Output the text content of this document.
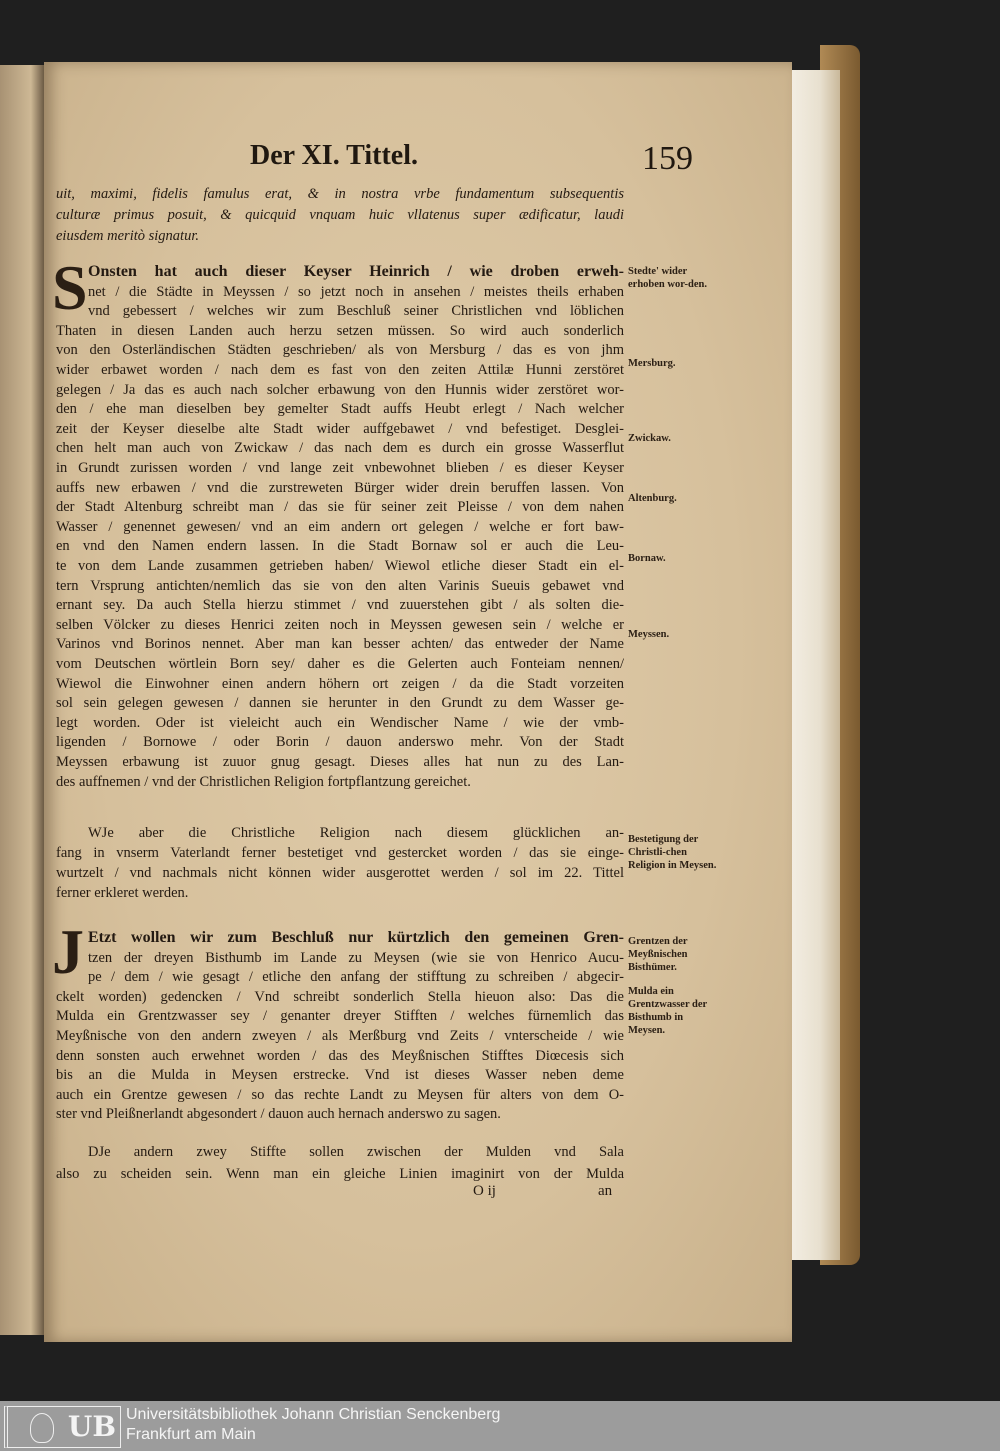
Der XI. Tittel.	159
uit, maximi, fidelis famulus erat, & in nostra vrbe fundamentum subsequentis
culturæ primus posuit, & quicquid vnquam huic vllatenus super ædificatur, laudi
eiusdem meritò signatur.
S Onsten hat auch dieser Keyser Heinrich / wie droben erweh-
net / die Städte in Meyssen / so jetzt noch in ansehen / meistes theils erhaben
vnd gebessert / welches wir zum Beschluß seiner Christlichen vnd löblichen
Thaten in diesen Landen auch herzu setzen müssen. So wird auch sonderlich
von den Osterländischen Städten geschrieben/ als von Mersburg / das es von jhm
wider erbawet worden / nach dem es fast von den zeiten Attilæ Hunni zerstöret
gelegen / Ja das es auch nach solcher erbawung von den Hunnis wider zerstöret wor-
den / ehe man dieselben bey gemelter Stadt auffs Heubt erlegt / Nach welcher
zeit der Keyser dieselbe alte Stadt wider auffgebawet / vnd befestiget. Desglei-
chen helt man auch von Zwickaw / das nach dem es durch ein grosse Wasserflut
in Grundt zurissen worden / vnd lange zeit vnbewohnet blieben / es dieser Keyser
auffs new erbawen / vnd die zurstreweten Bürger wider drein beruffen lassen. Von
der Stadt Altenburg schreibt man / das sie für seiner zeit Pleisse / von dem nahen
Wasser / genennet gewesen/ vnd an eim andern ort gelegen / welche er fort baw-
en vnd den Namen endern lassen. In die Stadt Bornaw sol er auch die Leu-
te von dem Lande zusammen getrieben haben/ Wiewol etliche dieser Stadt ein el-
tern Vrsprung antichten/nemlich das sie von den alten Varinis Sueuis gebawet vnd
ernant sey. Da auch Stella hierzu stimmet / vnd zuuerstehen gibt / als solten die-
selben Völcker zu dieses Henrici zeiten noch in Meyssen gewesen sein / welche er
Varinos vnd Borinos nennet. Aber man kan besser achten/ das entweder der Name
vom Deutschen wörtlein Born sey/ daher es die Gelerten auch Fonteiam nennen/
Wiewol die Einwohner einen andern höhern ort zeigen / da die Stadt vorzeiten
sol sein gelegen gewesen / dannen sie herunter in den Grundt zu dem Wasser ge-
legt worden. Oder ist vieleicht auch ein Wendischer Name / wie der vmb-
ligenden / Bornowe / oder Borin / dauon anderswo mehr. Von der Stadt
Meyssen erbawung ist zuuor gnug gesagt. Dieses alles hat nun zu des Lan-
des auffnemen / vnd der Christlichen Religion fortpflantzung gereichet.
WJe aber die Christliche Religion nach diesem glücklichen an-
fang in vnserm Vaterlandt ferner bestetiget vnd gestercket worden / das sie einge-
wurtzelt / vnd nachmals nicht können wider ausgerottet werden / sol im 22. Tittel
ferner erkleret werden.
J Etzt wollen wir zum Beschluß nur kürtzlich den gemeinen Gren-
tzen der dreyen Bisthumb im Lande zu Meysen (wie sie von Henrico Aucu-
pe / dem / wie gesagt / etliche den anfang der stifftung zu schreiben / abgecir-
ckelt worden) gedencken / Vnd schreibt sonderlich Stella hieuon also: Das die
Mulda ein Grentzwasser sey / genanter dreyer Stifften / welches fürnemlich das
Meyßnische von den andern zweyen / als Merßburg vnd Zeits / vnterscheide / wie
denn sonsten auch erwehnet worden / das des Meyßnischen Stifftes Diœcesis sich
bis an die Mulda in Meysen erstrecke. Vnd ist dieses Wasser neben deme
auch ein Grentze gewesen / so das rechte Landt zu Meysen für alters von dem O-
ster vnd Pleißnerlandt abgesondert / dauon auch hernach anderswo zu sagen.
DJe andern zwey Stiffte sollen zwischen der Mulden vnd Sala
also zu scheiden sein. Wenn man ein gleiche Linien imaginirt von der Mulda
Stedte' wider erhoben wor-den.
Mersburg.
Zwickaw.
Altenburg.
Bornaw.
Meyssen.
Bestetigung der Christli-chen Religion in Meysen.
Grentzen der Meyßnischen Bisthümer.
Mulda ein Grentzwasser der Bisthumb in Meysen.
O ij	an
UB Universitätsbibliothek Johann Christian Senckenberg
Frankfurt am Main
